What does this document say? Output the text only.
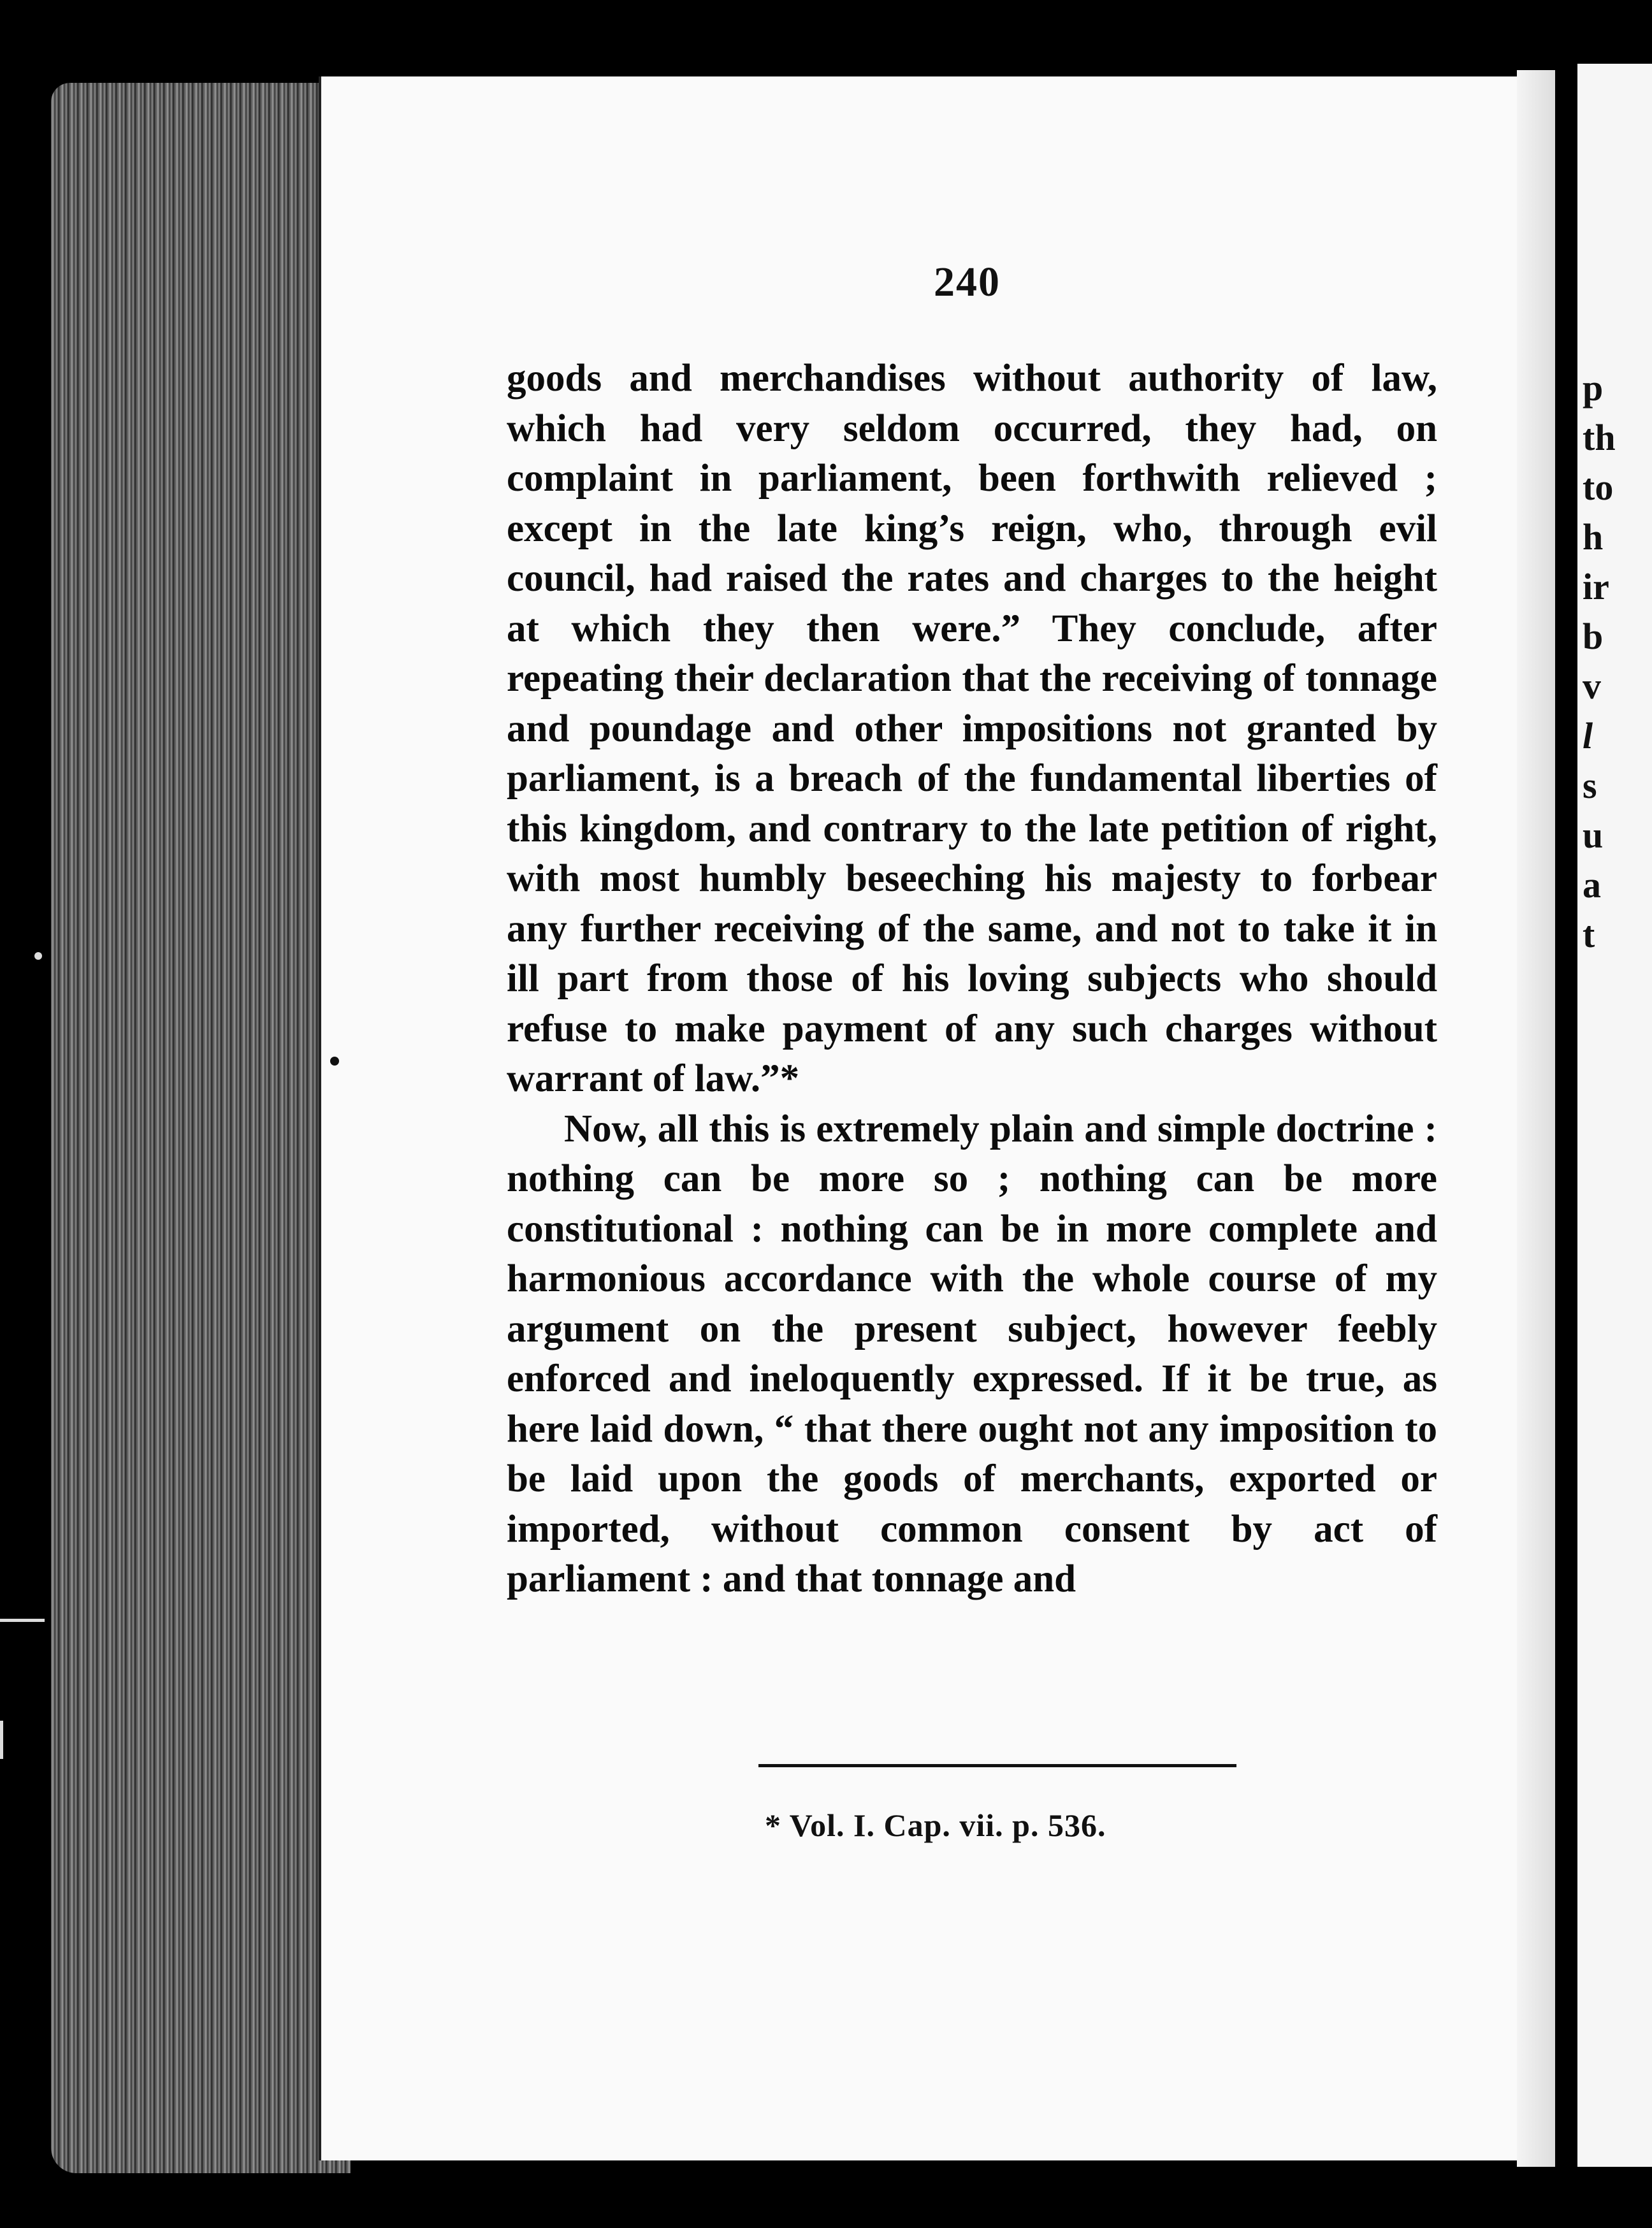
p
th
to
h
ir
b
v
l
s
u
a
t
240

goods and merchandises without authority of law, which had very seldom occurred, they had, on complaint in parliament, been forthwith relieved ; except in the late king’s reign, who, through evil council, had raised the rates and charges to the height at which they then were.” They conclude, after repeating their declaration that the receiving of tonnage and poundage and other impositions not granted by parliament, is a breach of the fundamental liberties of this kingdom, and contrary to the late petition of right, with most humbly beseeching his majesty to forbear any further receiving of the same, and not to take it in ill part from those of his loving subjects who should refuse to make payment of any such charges without warrant of law.”*

Now, all this is extremely plain and simple doctrine : nothing can be more so ; nothing can be more constitutional : nothing can be in more complete and harmonious accordance with the whole course of my argument on the present subject, however feebly enforced and ineloquently expressed. If it be true, as here laid down, “ that there ought not any imposition to be laid upon the goods of merchants, exported or imported, without common consent by act of parliament : and that tonnage and

* Vol. I. Cap. vii. p. 536.
